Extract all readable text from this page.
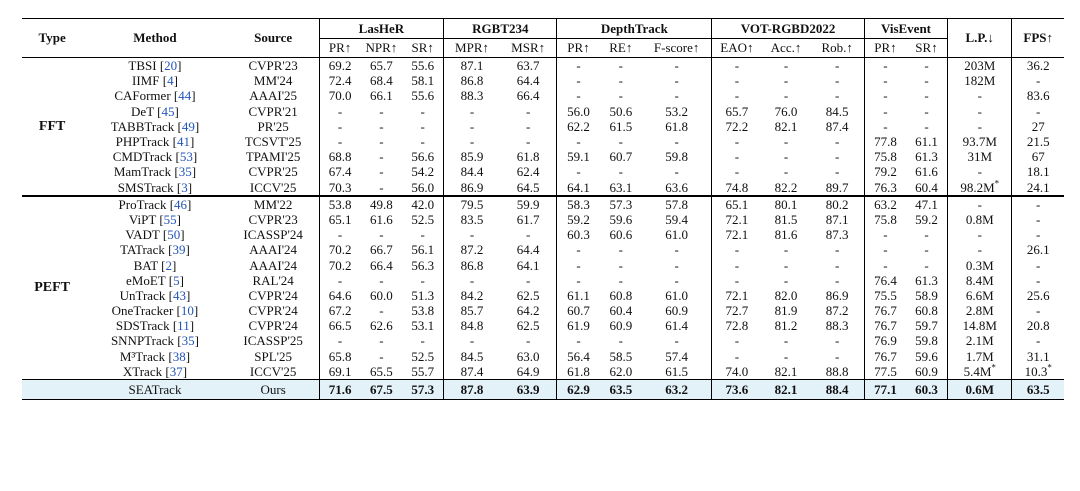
Type	Method	Source	LasHeR			RGBT234		DepthTrack			VOT-RGBD2022			VisEvent		L.P.↓	FPS↑
			PR↑	NPR↑	SR↑	MPR↑	MSR↑	PR↑	RE↑	F-score↑	EAO↑	Acc.↑	Rob.↑	PR↑	SR↑		
FFT	TBSI [20]	CVPR'23	69.2	65.7	55.6	87.1	63.7	-	-	-	-	-	-	-	-	203M	36.2
	IIMF [4]	MM'24	72.4	68.4	58.1	86.8	64.4	-	-	-	-	-	-	-	-	182M	-
	CAFormer [44]	AAAI'25	70.0	66.1	55.6	88.3	66.4	-	-	-	-	-	-	-	-	-	83.6
	DeT [45]	CVPR'21	-	-	-	-	-	56.0	50.6	53.2	65.7	76.0	84.5	-	-	-	-
	TABBTrack [49]	PR'25	-	-	-	-	-	62.2	61.5	61.8	72.2	82.1	87.4	-	-	-	27
	PHPTrack [41]	TCSVT'25	-	-	-	-	-	-	-	-	-	-	-	77.8	61.1	93.7M	21.5
	CMDTrack [53]	TPAMI'25	68.8	-	56.6	85.9	61.8	59.1	60.7	59.8	-	-	-	75.8	61.3	31M	67
	MamTrack [35]	CVPR'25	67.4	-	54.2	84.4	62.4	-	-	-	-	-	-	79.2	61.6	-	18.1
	SMSTrack [3]	ICCV'25	70.3	-	56.0	86.9	64.5	64.1	63.1	63.6	74.8	82.2	89.7	76.3	60.4	98.2M*	24.1
PEFT	ProTrack [46]	MM'22	53.8	49.8	42.0	79.5	59.9	58.3	57.3	57.8	65.1	80.1	80.2	63.2	47.1	-	-
	ViPT [55]	CVPR'23	65.1	61.6	52.5	83.5	61.7	59.2	59.6	59.4	72.1	81.5	87.1	75.8	59.2	0.8M	-
	VADT [50]	ICASSP'24	-	-	-	-	-	60.3	60.6	61.0	72.1	81.6	87.3	-	-	-	-
	TATrack [39]	AAAI'24	70.2	66.7	56.1	87.2	64.4	-	-	-	-	-	-	-	-	-	26.1
	BAT [2]	AAAI'24	70.2	66.4	56.3	86.8	64.1	-	-	-	-	-	-	-	-	0.3M	-
	eMoET [5]	RAL'24	-	-	-	-	-	-	-	-	-	-	-	76.4	61.3	8.4M	-
	UnTrack [43]	CVPR'24	64.6	60.0	51.3	84.2	62.5	61.1	60.8	61.0	72.1	82.0	86.9	75.5	58.9	6.6M	25.6
	OneTracker [10]	CVPR'24	67.2	-	53.8	85.7	64.2	60.7	60.4	60.9	72.7	81.9	87.2	76.7	60.8	2.8M	-
	SDSTrack [11]	CVPR'24	66.5	62.6	53.1	84.8	62.5	61.9	60.9	61.4	72.8	81.2	88.3	76.7	59.7	14.8M	20.8
	SNNPTrack [35]	ICASSP'25	-	-	-	-	-	-	-	-	-	-	-	76.9	59.8	2.1M	-
	M³Track [38]	SPL'25	65.8	-	52.5	84.5	63.0	56.4	58.5	57.4	-	-	-	76.7	59.6	1.7M	31.1
	XTrack [37]	ICCV'25	69.1	65.5	55.7	87.4	64.9	61.8	62.0	61.5	74.0	82.1	88.8	77.5	60.9	5.4M*	10.3*
	SEATrack	Ours	71.6	67.5	57.3	87.8	63.9	62.9	63.5	63.2	73.6	82.1	88.4	77.1	60.3	0.6M	63.5
